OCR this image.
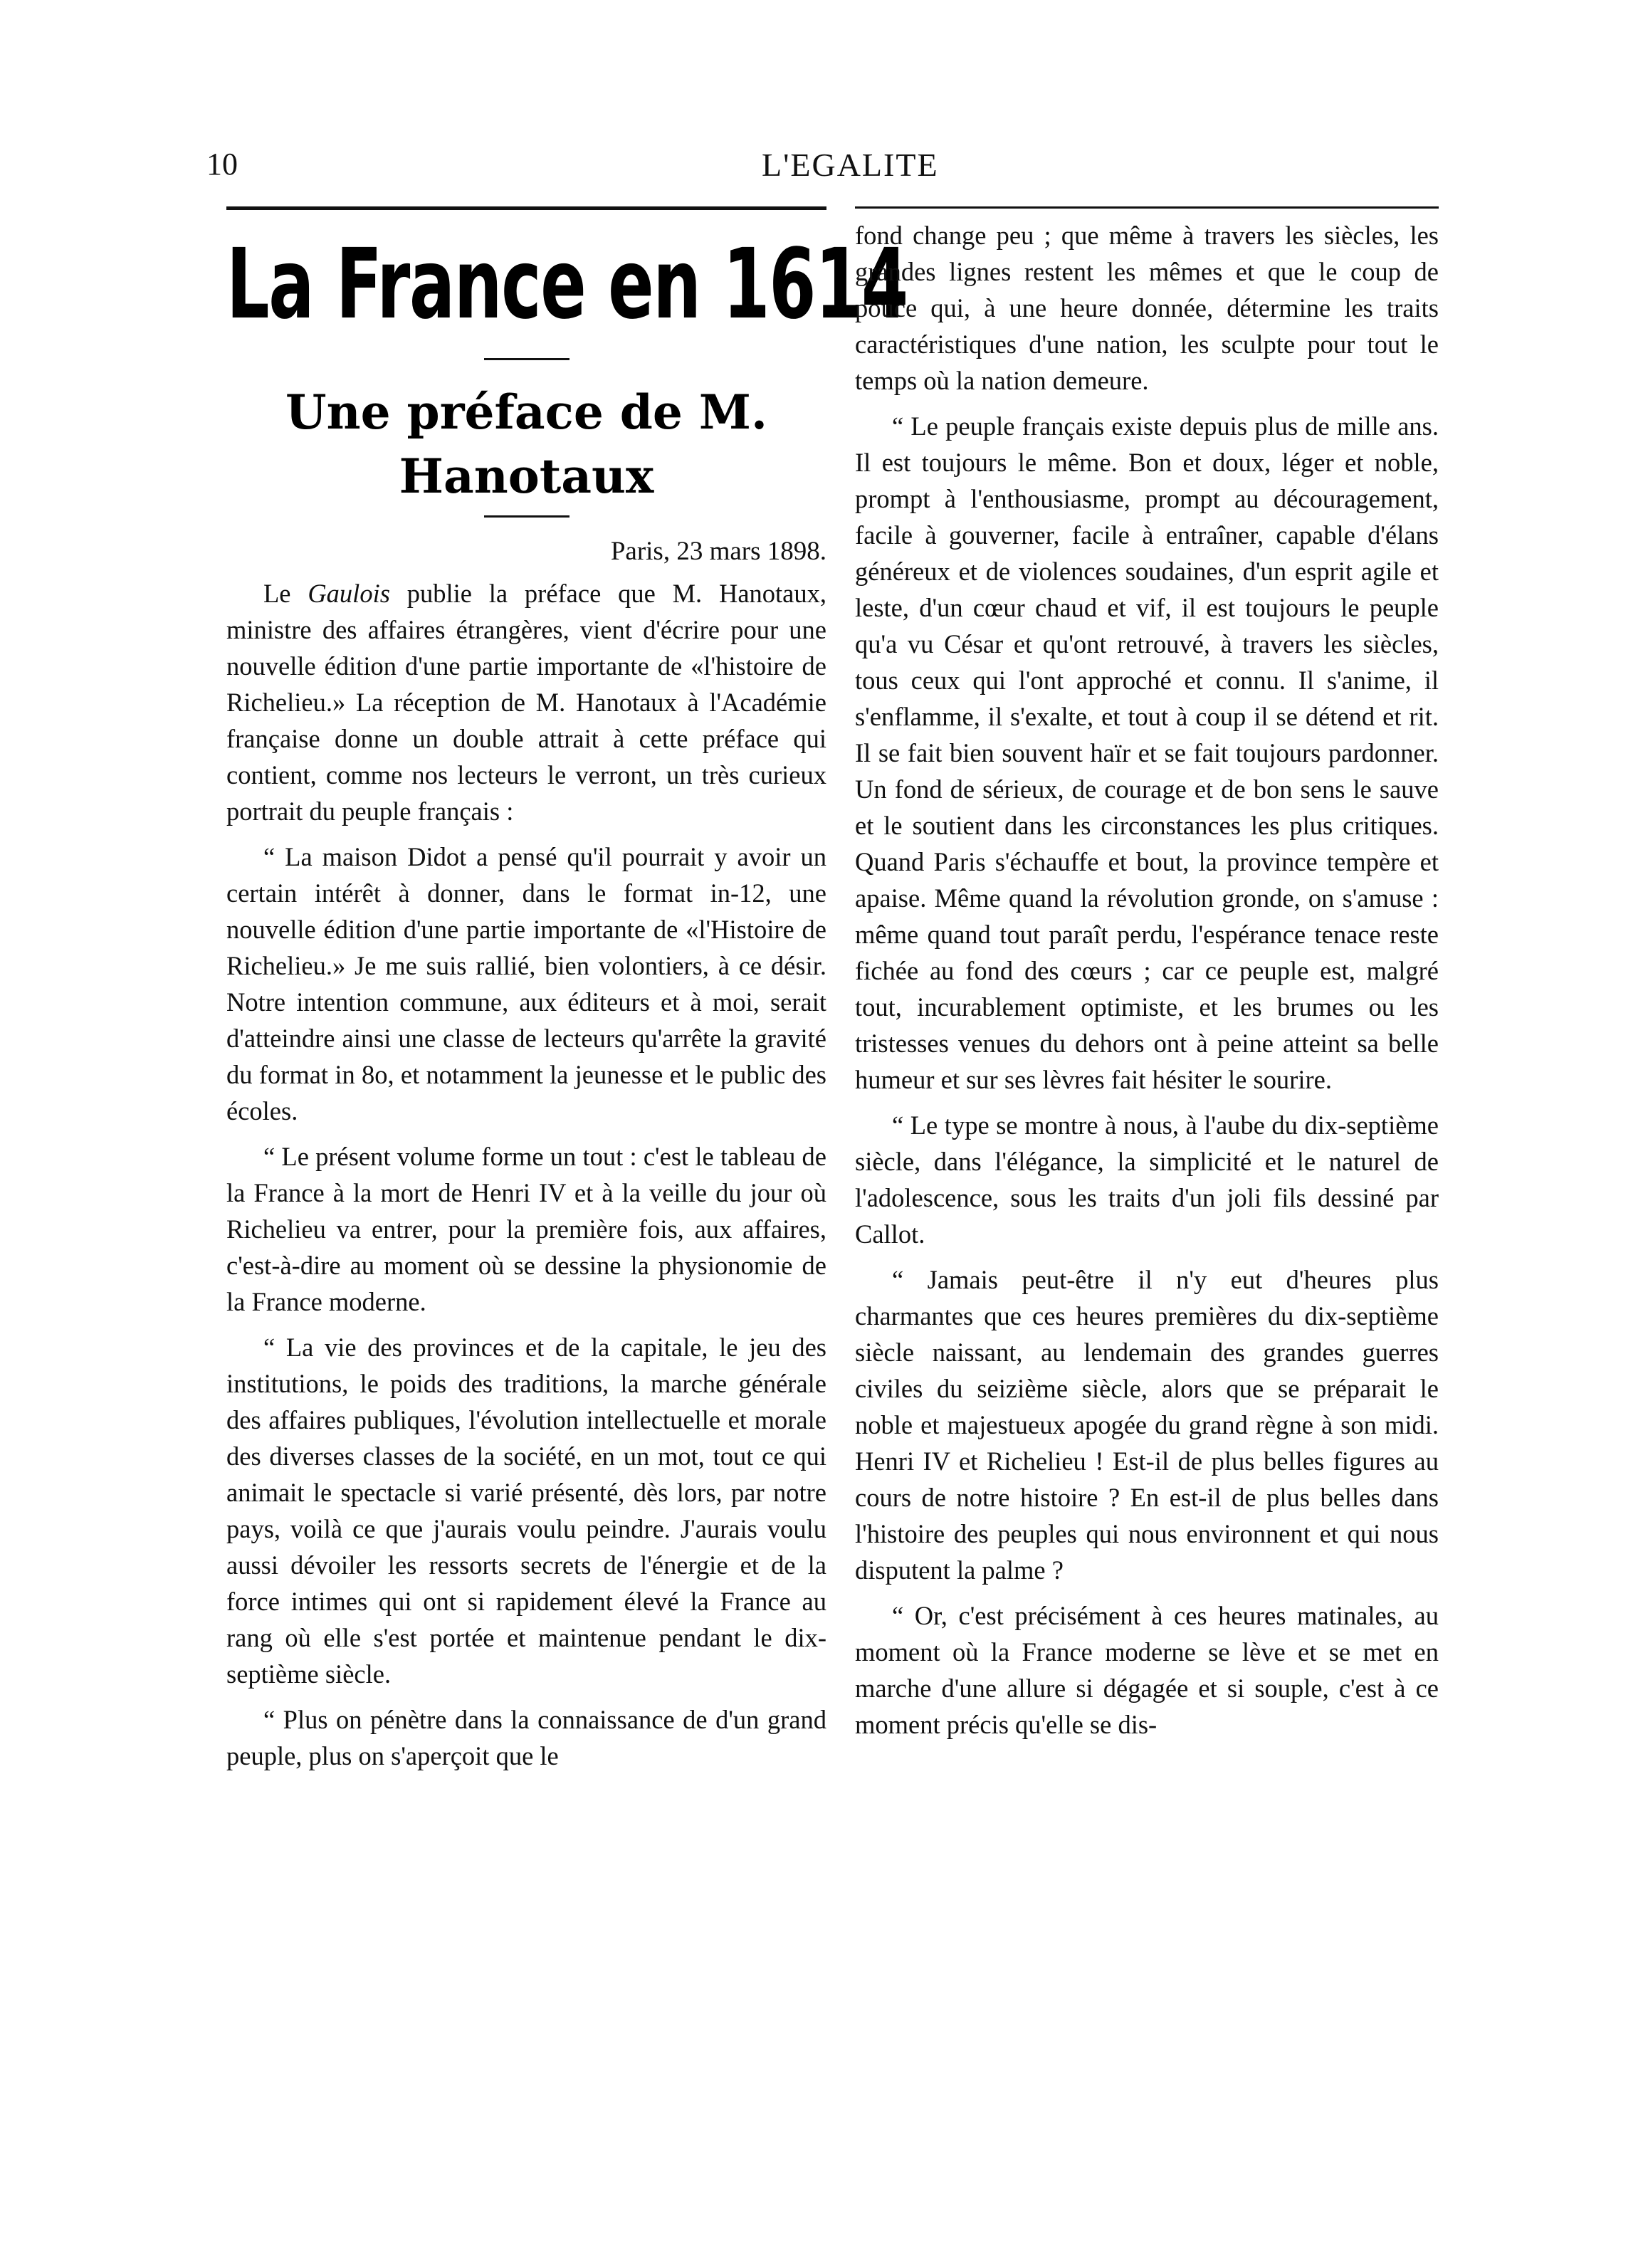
10	L'EGALITE
La France en 1614
Une préface de M. Hanotaux
Paris, 23 mars 1898.

Le Gaulois publie la préface que M. Hanotaux, ministre des affaires étrangères, vient d'écrire pour une nouvelle édition d'une partie importante de «l'histoire de Richelieu.» La réception de M. Hanotaux à l'Académie française donne un double attrait à cette préface qui contient, comme nos lecteurs le verront, un très curieux portrait du peuple français :

“ La maison Didot a pensé qu'il pourrait y avoir un certain intérêt à donner, dans le format in-12, une nouvelle édition d'une partie importante de «l'Histoire de Richelieu.» Je me suis rallié, bien volontiers, à ce désir. Notre intention commune, aux éditeurs et à moi, serait d'atteindre ainsi une classe de lecteurs qu'arrête la gravité du format in 8o, et notamment la jeunesse et le public des écoles.

“ Le présent volume forme un tout : c'est le tableau de la France à la mort de Henri IV et à la veille du jour où Richelieu va entrer, pour la première fois, aux affaires, c'est-à-dire au moment où se dessine la physionomie de la France moderne.

“ La vie des provinces et de la capitale, le jeu des institutions, le poids des traditions, la marche générale des affaires publiques, l'évolution intellectuelle et morale des diverses classes de la société, en un mot, tout ce qui animait le spectacle si varié présenté, dès lors, par notre pays, voilà ce que j'aurais voulu peindre. J'aurais voulu aussi dévoiler les ressorts secrets de l'énergie et de la force intimes qui ont si rapidement élevé la France au rang où elle s'est portée et maintenue pendant le dix-septième siècle.

“ Plus on pénètre dans la connaissance de d'un grand peuple, plus on s'aperçoit que le

fond change peu ; que même à travers les siècles, les grandes lignes restent les mêmes et que le coup de pouce qui, à une heure donnée, détermine les traits caractéristiques d'une nation, les sculpte pour tout le temps où la nation demeure.

“ Le peuple français existe depuis plus de mille ans. Il est toujours le même. Bon et doux, léger et noble, prompt à l'enthousiasme, prompt au découragement, facile à gouverner, facile à entraîner, capable d'élans généreux et de violences soudaines, d'un esprit agile et leste, d'un cœur chaud et vif, il est toujours le peuple qu'a vu César et qu'ont retrouvé, à travers les siècles, tous ceux qui l'ont approché et connu. Il s'anime, il s'enflamme, il s'exalte, et tout à coup il se détend et rit. Il se fait bien souvent haïr et se fait toujours pardonner. Un fond de sérieux, de courage et de bon sens le sauve et le soutient dans les circonstances les plus critiques. Quand Paris s'échauffe et bout, la province tempère et apaise. Même quand la révolution gronde, on s'amuse : même quand tout paraît perdu, l'espérance tenace reste fichée au fond des cœurs ; car ce peuple est, malgré tout, incurablement optimiste, et les brumes ou les tristesses venues du dehors ont à peine atteint sa belle humeur et sur ses lèvres fait hésiter le sourire.

“ Le type se montre à nous, à l'aube du dix-septième siècle, dans l'élégance, la simplicité et le naturel de l'adolescence, sous les traits d'un joli fils dessiné par Callot.

“ Jamais peut-être il n'y eut d'heures plus charmantes que ces heures premières du dix-septième siècle naissant, au lendemain des grandes guerres civiles du seizième siècle, alors que se préparait le noble et majestueux apogée du grand règne à son midi. Henri IV et Richelieu ! Est-il de plus belles figures au cours de notre histoire ? En est-il de plus belles dans l'histoire des peuples qui nous environnent et qui nous disputent la palme ?

“ Or, c'est précisément à ces heures matinales, au moment où la France moderne se lève et se met en marche d'une allure si dégagée et si souple, c'est à ce moment précis qu'elle se dis-
